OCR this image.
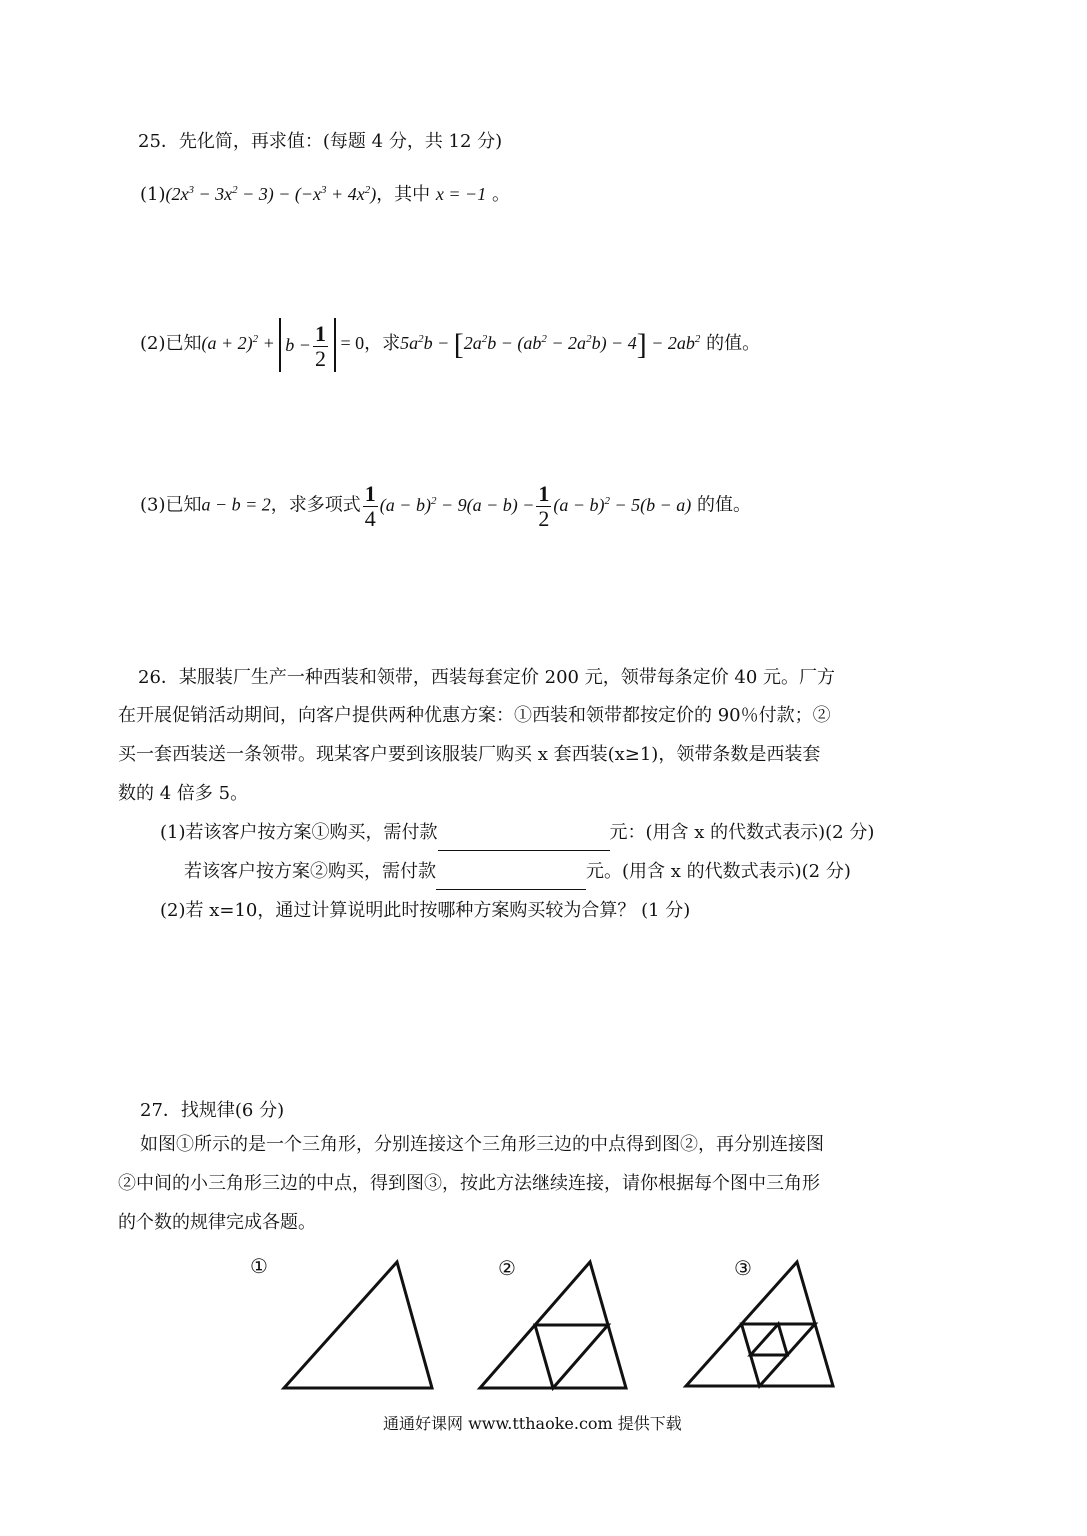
25．先化简，再求值：(每题 4 分，共 12 分)
$(1)(2x^3 - 3x^2 - 3) - (-x^3 + 4x^2)$，其中 x = −1 。
(2)已知$(a + 2)^2 + b - \frac{1}{2} = 0$，求$5a^2b - [2a^2b - (ab^2 - 2a^2b) - 4] - 2ab^2$ 的值。
(3)已知a − b = 2，求多项式 $\frac{1}{4} (a - b)^2 - 9(a - b) - \frac{1}{2} (a - b)^2 - 5(b - a)$ 的值。
26．某服装厂生产一种西装和领带，西装每套定价 200 元，领带每条定价 40 元。厂方
在开展促销活动期间，向客户提供两种优惠方案：①西装和领带都按定价的 90％付款；②
买一套西装送一条领带。现某客户要到该服装厂购买 x 套西装(x≥1)，领带条数是西装套
数的 4 倍多 5。
(1)若该客户按方案①购买，需付款	元：(用含 x 的代数式表示)(2 分)
若该客户按方案②购买，需付款	元。(用含 x 的代数式表示)(2 分)
(2)若 x=10，通过计算说明此时按哪种方案购买较为合算？ (1 分)
27．找规律(6 分)
如图①所示的是一个三角形，分别连接这个三角形三边的中点得到图②，再分别连接图
②中间的小三角形三边的中点，得到图③，按此方法继续连接，请你根据每个图中三角形
的个数的规律完成各题。
①	②	③
通通好课网 www.tthaoke.com 提供下载
